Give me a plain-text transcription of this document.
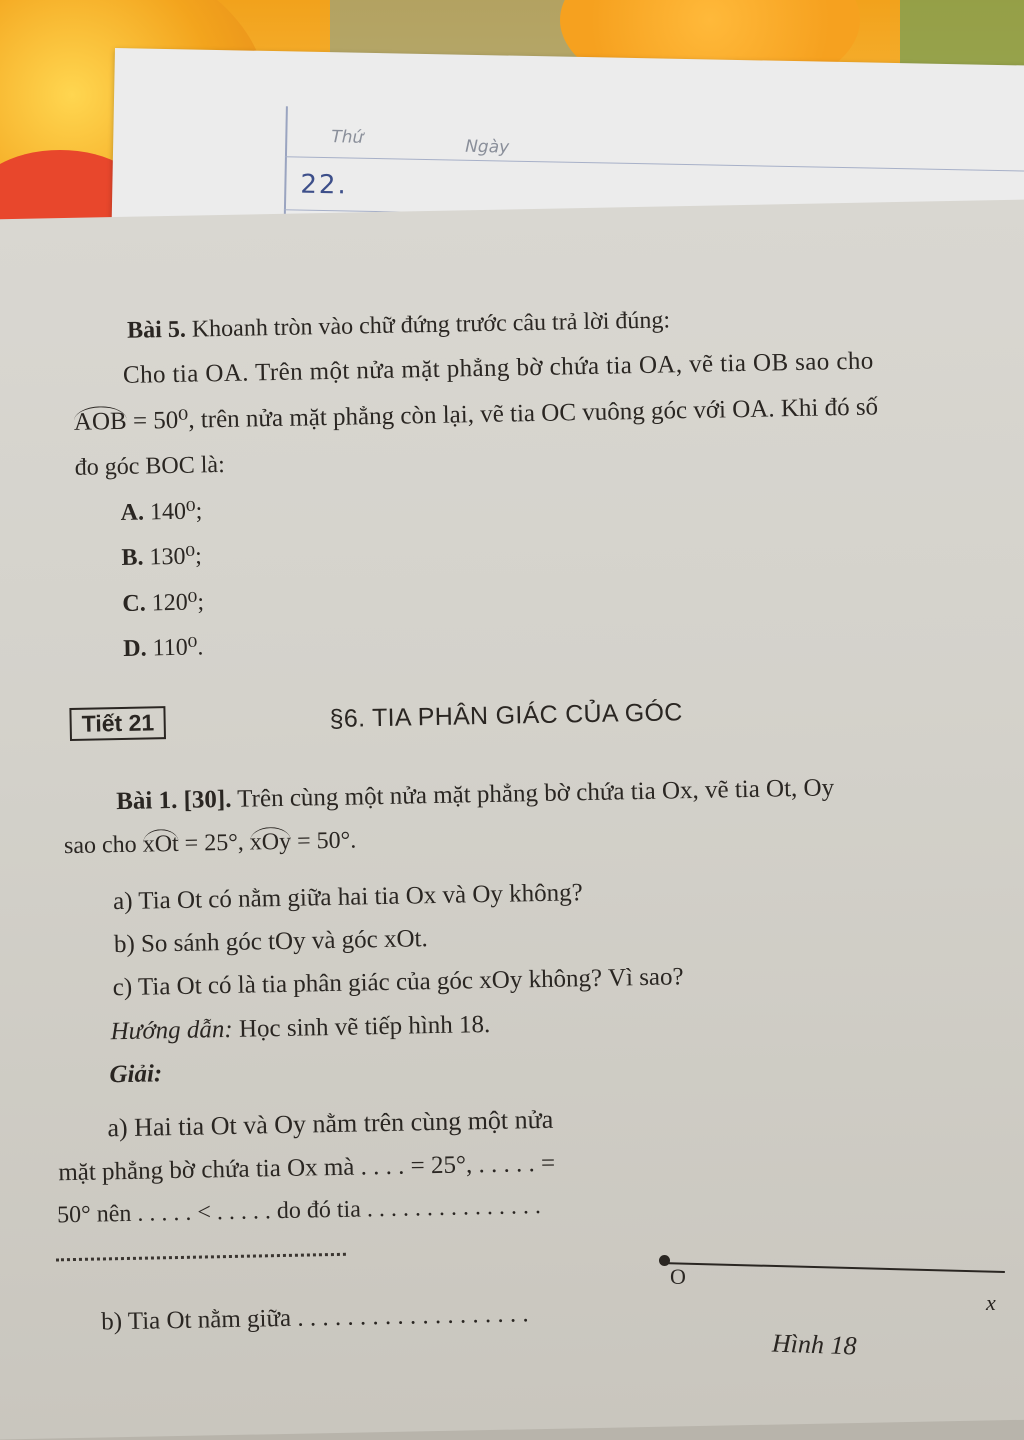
Thứ	Ngày
22.
Bài 5. Khoanh tròn vào chữ đứng trước câu trả lời đúng:
Cho tia OA. Trên một nửa mặt phẳng bờ chứa tia OA, vẽ tia OB sao cho
AOB = 50⁰, trên nửa mặt phẳng còn lại, vẽ tia OC vuông góc với OA. Khi đó số
đo góc BOC là:
A. 140⁰;
B. 130⁰;
C. 120⁰;
D. 110⁰.
Tiết 21	§6. TIA PHÂN GIÁC CỦA GÓC
Bài 1. [30]. Trên cùng một nửa mặt phẳng bờ chứa tia Ox, vẽ tia Ot, Oy
sao cho xOt = 25°, xOy = 50°.
a) Tia Ot có nằm giữa hai tia Ox và Oy không?
b) So sánh góc tOy và góc xOt.
c) Tia Ot có là tia phân giác của góc xOy không? Vì sao?
Hướng dẫn: Học sinh vẽ tiếp hình 18.
Giải:
a) Hai tia Ot và Oy nằm trên cùng một nửa
mặt phẳng bờ chứa tia Ox mà . . . . = 25°, . . . . . =
50° nên . . . . . < . . . . . do đó tia . . . . . . . . . . . . . . .
b) Tia Ot nằm giữa . . . . . . . . . . . . . . . . . . .
O
x
Hình 18
